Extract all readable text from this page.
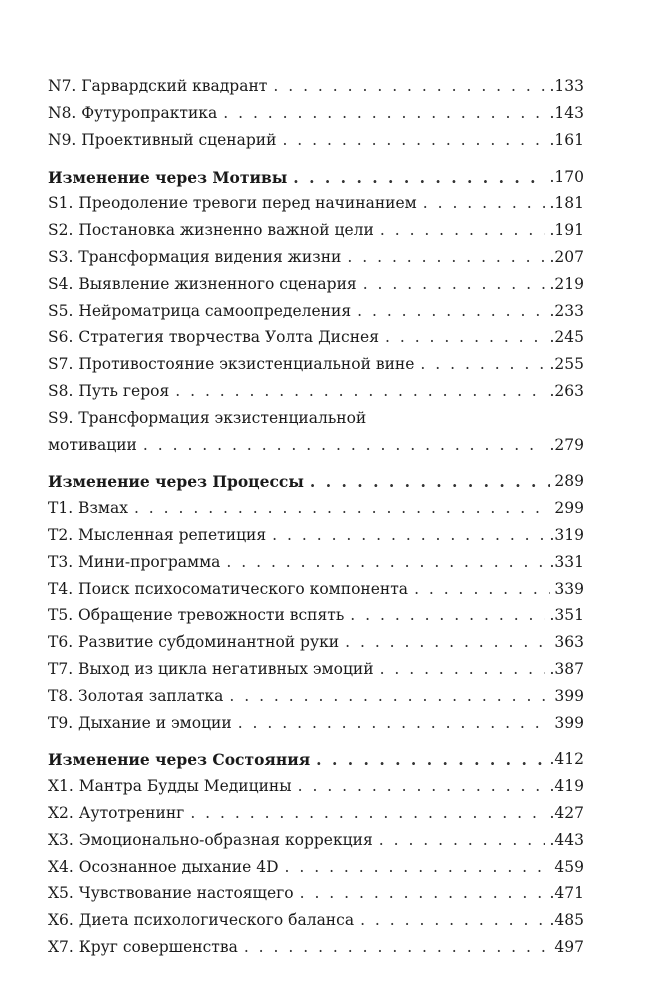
N7. Гарвардский квадрант . . .	.133
N8. Футуропрактика . . .	.143
N9. Проективный сценарий . . .	.161
Изменение через Мотивы . . .	.170
S1. Преодоление тревоги перед начинанием . . .	.181
S2. Постановка жизненно важной цели . . .	.191
S3. Трансформация видения жизни . . .	.207
S4. Выявление жизненного сценария . . .	.219
S5. Нейроматрица самоопределения . . .	.233
S6. Стратегия творчества Уолта Диснея . . .	.245
S7. Противостояние экзистенциальной вине . . .	.255
S8. Путь героя . . .	.263
S9. Трансформация экзистенциальной
мотивации . . .	.279
Изменение через Процессы . . .	289
T1. Взмах . . .	299
T2. Мысленная репетиция . . .	.319
T3. Мини-программа . . .	.331
T4. Поиск психосоматического компонента . . .	339
T5. Обращение тревожности вспять . . .	.351
T6. Развитие субдоминантной руки . . .	363
T7. Выход из цикла негативных эмоций . . .	.387
T8. Золотая заплатка . . .	399
T9. Дыхание и эмоции . . .	399
Изменение через Состояния . . .	.412
X1. Мантра Будды Медицины . . .	.419
X2. Аутотренинг . . .	.427
X3. Эмоционально-образная коррекция . . .	.443
X4. Осознанное дыхание 4D . . .	459
X5. Чувствование настоящего . . .	.471
X6. Диета психологического баланса . . .	.485
X7. Круг совершенства . . .	497
